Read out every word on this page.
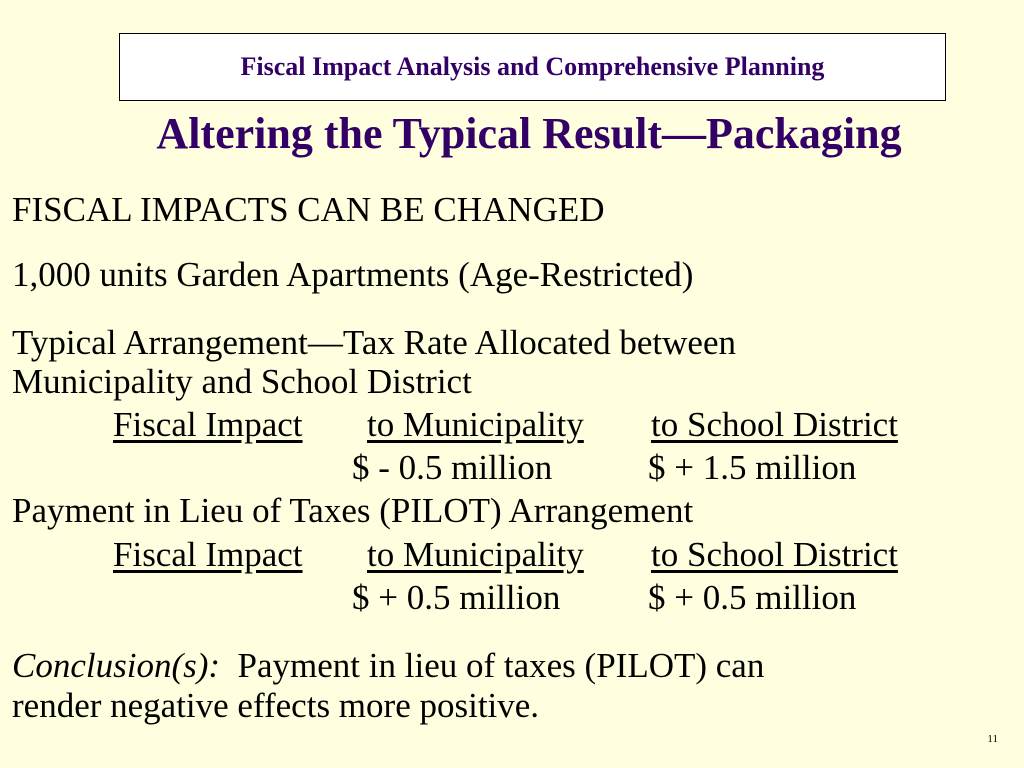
Fiscal Impact Analysis and Comprehensive Planning
Altering the Typical Result—Packaging
FISCAL IMPACTS CAN BE CHANGED
1,000 units Garden Apartments (Age-Restricted)
Typical Arrangement—Tax Rate Allocated between
Municipality and School District
Fiscal Impact to Municipality to School District
$ - 0.5 million	$ + 1.5 million
Payment in Lieu of Taxes (PILOT) Arrangement
Fiscal Impact to Municipality to School District
$ + 0.5 million	$ + 0.5 million
Conclusion(s): Payment in lieu of taxes (PILOT) can
render negative effects more positive.
11
